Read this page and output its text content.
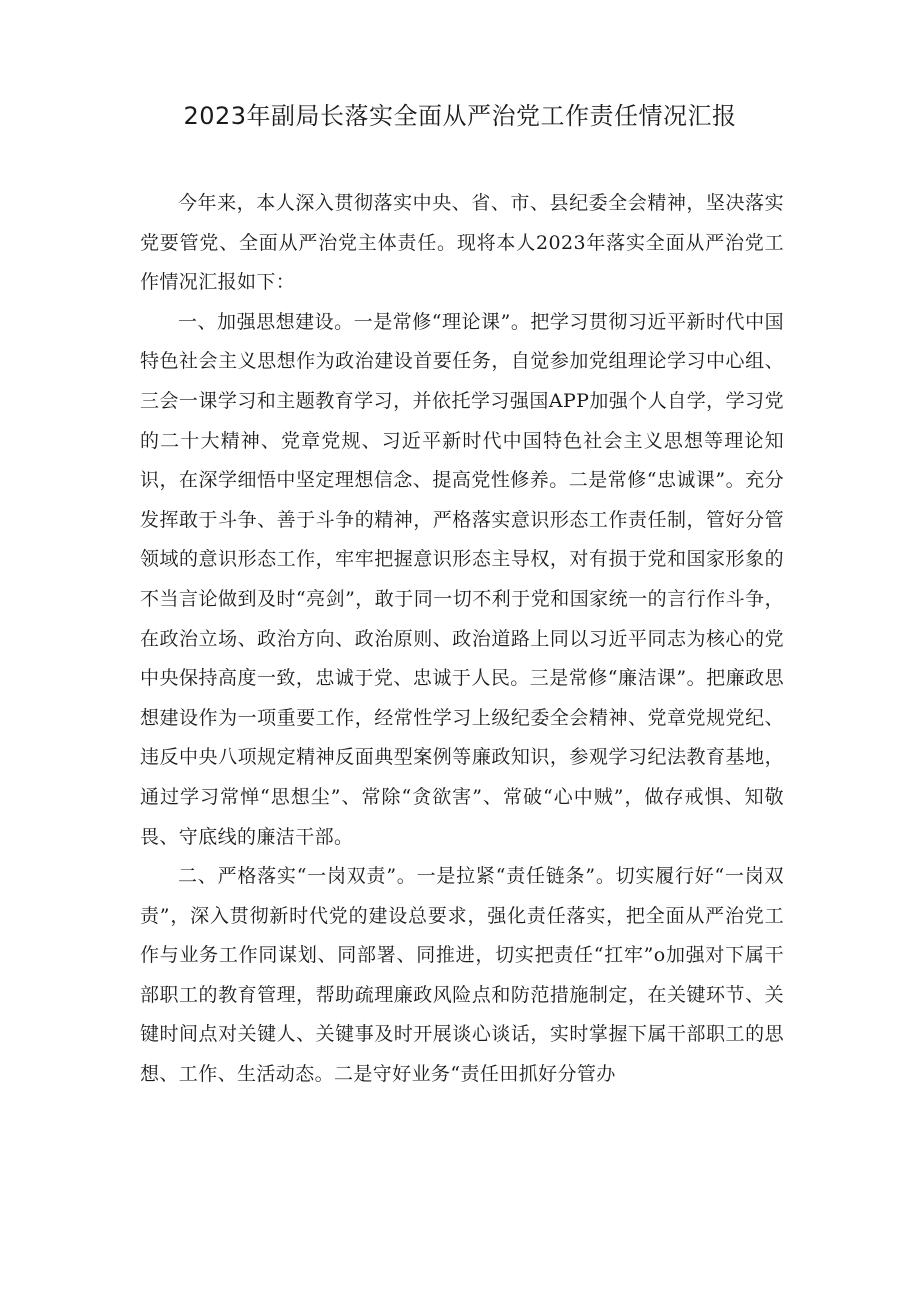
2023年副局长落实全面从严治党工作责任情况汇报

今年来，本人深入贯彻落实中央、省、市、县纪委全会精神，坚决落实党要管党、全面从严治党主体责任。现将本人2023年落实全面从严治党工作情况汇报如下：

一、加强思想建设。一是常修“理论课”。把学习贯彻习近平新时代中国特色社会主义思想作为政治建设首要任务，自觉参加党组理论学习中心组、三会一课学习和主题教育学习，并依托学习强国APP加强个人自学，学习党的二十大精神、党章党规、习近平新时代中国特色社会主义思想等理论知识，在深学细悟中坚定理想信念、提高党性修养。二是常修“忠诚课”。充分发挥敢于斗争、善于斗争的精神，严格落实意识形态工作责任制，管好分管领域的意识形态工作，牢牢把握意识形态主导权，对有损于党和国家形象的不当言论做到及时“亮剑”，敢于同一切不利于党和国家统一的言行作斗争，在政治立场、政治方向、政治原则、政治道路上同以习近平同志为核心的党中央保持高度一致，忠诚于党、忠诚于人民。三是常修“廉洁课”。把廉政思想建设作为一项重要工作，经常性学习上级纪委全会精神、党章党规党纪、违反中央八项规定精神反面典型案例等廉政知识，参观学习纪法教育基地，通过学习常惮“思想尘”、常除“贪欲害”、常破“心中贼”，做存戒惧、知敬畏、守底线的廉洁干部。

二、严格落实“一岗双责”。一是拉紧“责任链条”。切实履行好“一岗双责”，深入贯彻新时代党的建设总要求，强化责任落实，把全面从严治党工作与业务工作同谋划、同部署、同推进，切实把责任“扛牢”o加强对下属干部职工的教育管理，帮助疏理廉政风险点和防范措施制定，在关键环节、关键时间点对关键人、关键事及时开展谈心谈话，实时掌握下属干部职工的思想、工作、生活动态。二是守好业务“责任田抓好分管办
